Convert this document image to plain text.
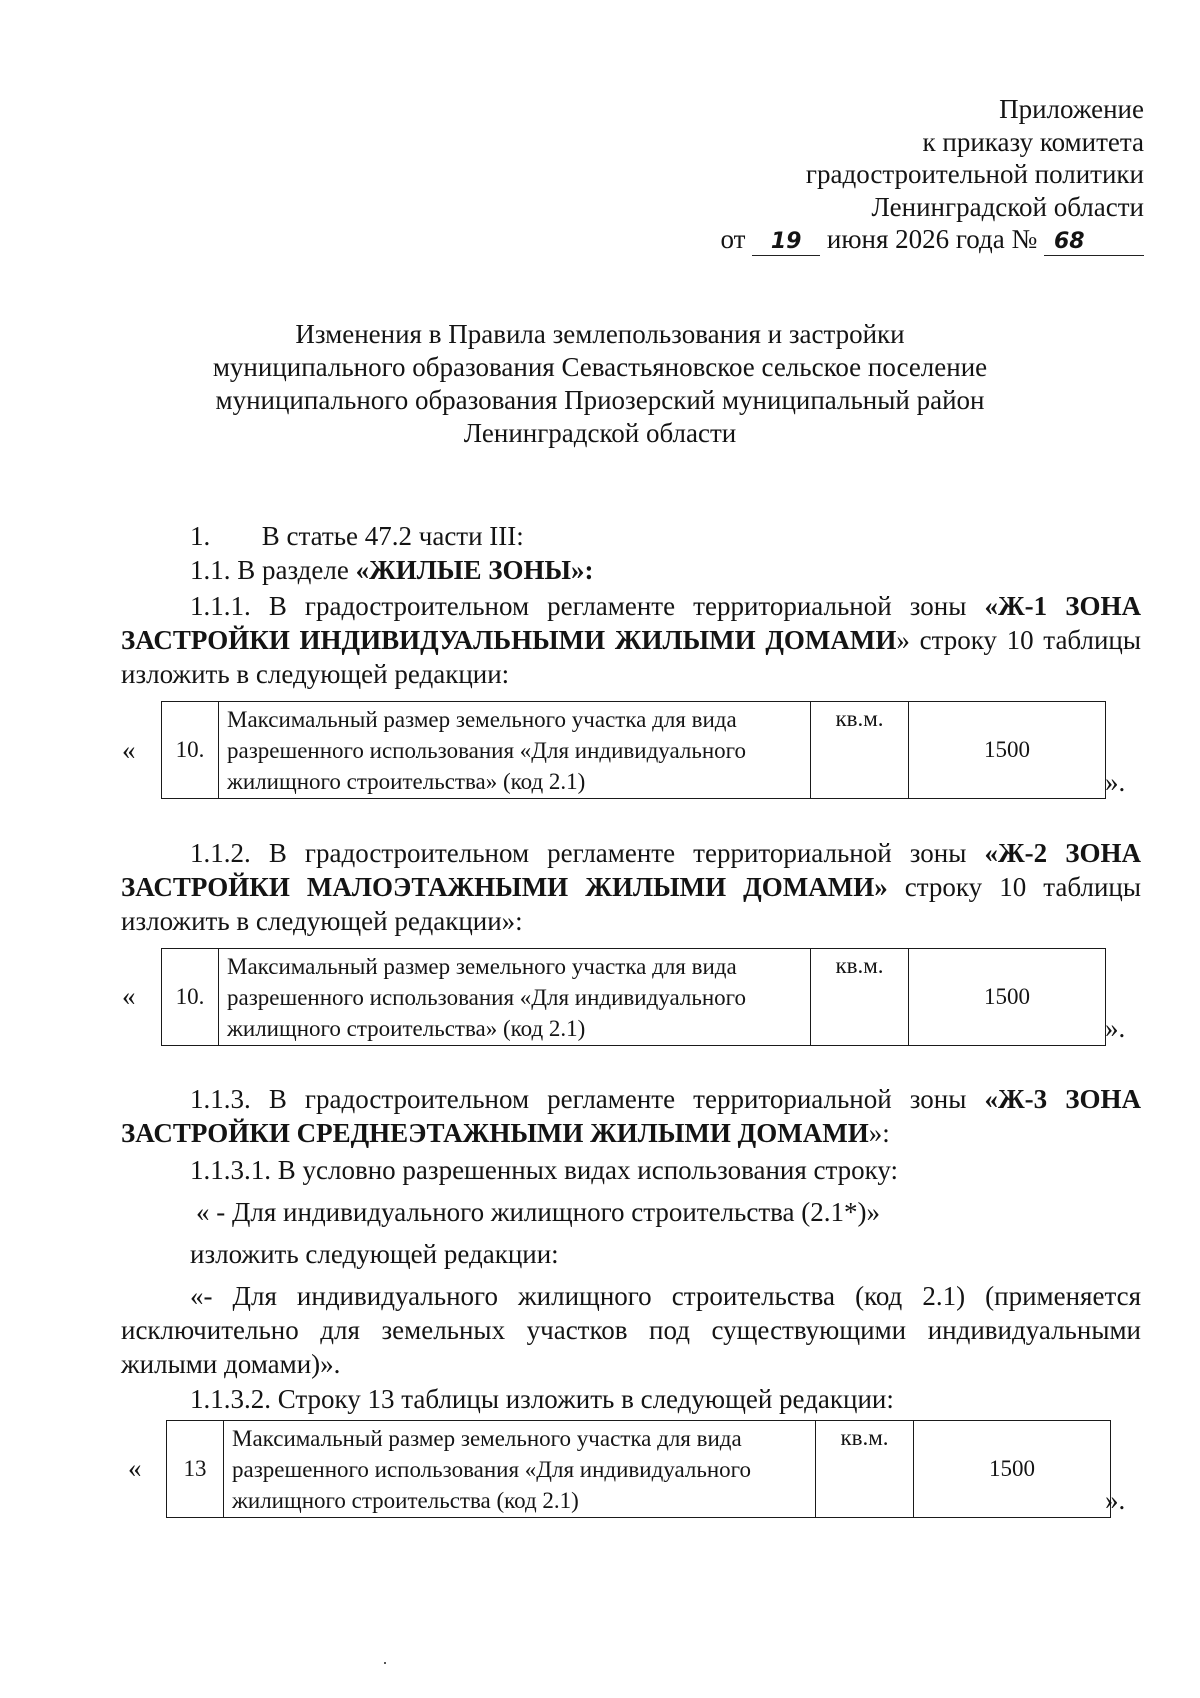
Приложение
к приказу комитета
градостроительной политики
Ленинградской области
от 19 июня 2026 года № 68
Изменения в Правила землепользования и застройки
муниципального образования Севастьяновское сельское поселение
муниципального образования Приозерский муниципальный район
Ленинградской области
1. В статье 47.2 части III:
1.1. В разделе «ЖИЛЫЕ ЗОНЫ»:
1.1.1. В градостроительном регламенте территориальной зоны «Ж-1 ЗОНА ЗАСТРОЙКИ ИНДИВИДУАЛЬНЫМИ ЖИЛЫМИ ДОМАМИ» строку 10 таблицы изложить в следующей редакции:
« 10.	Максимальный размер земельного участка для вида разрешенного использования «Для индивидуального жилищного строительства» (код 2.1)	кв.м.	1500
».
1.1.2. В градостроительном регламенте территориальной зоны «Ж-2 ЗОНА ЗАСТРОЙКИ МАЛОЭТАЖНЫМИ ЖИЛЫМИ ДОМАМИ» строку 10 таблицы изложить в следующей редакции»:
« 10.	Максимальный размер земельного участка для вида разрешенного использования «Для индивидуального жилищного строительства» (код 2.1)	кв.м.	1500
».
1.1.3. В градостроительном регламенте территориальной зоны «Ж-3 ЗОНА ЗАСТРОЙКИ СРЕДНЕЭТАЖНЫМИ ЖИЛЫМИ ДОМАМИ»:
1.1.3.1. В условно разрешенных видах использования строку:
« - Для индивидуального жилищного строительства (2.1*)»
изложить следующей редакции:
«- Для индивидуального жилищного строительства (код 2.1) (применяется исключительно для земельных участков под существующими индивидуальными жилыми домами)».
1.1.3.2. Строку 13 таблицы изложить в следующей редакции:
« 13	Максимальный размер земельного участка для вида разрешенного использования «Для индивидуального жилищного строительства (код 2.1)	кв.м.	1500
».
